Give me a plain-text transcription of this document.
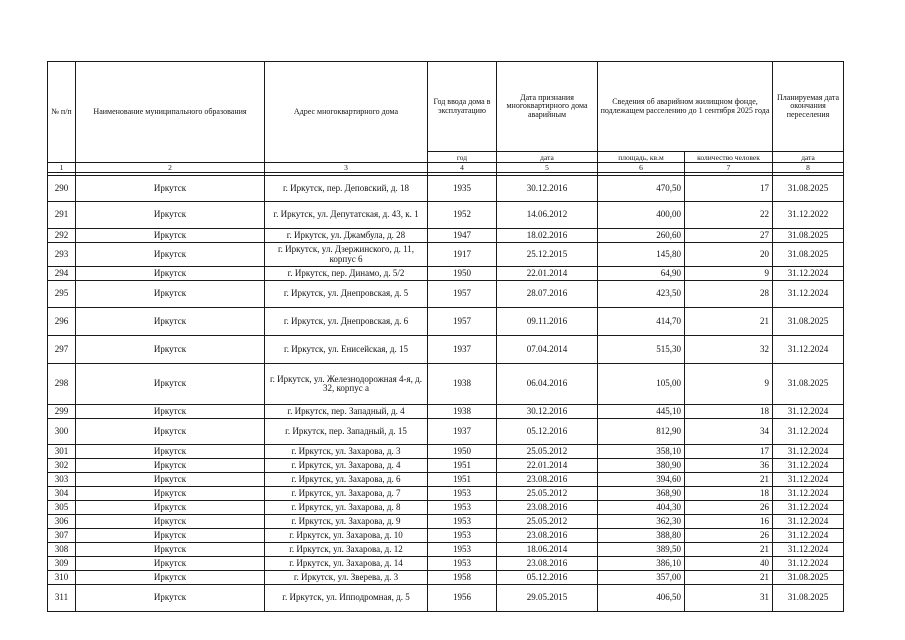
№ п/п	Наименование муниципального образования	Адрес многоквартирного дома	Год ввода дома в эксплуатацию	Дата признания многоквартирного дома аварийным	Сведения об аварийном жилищном фонде, подлежащем расселению до 1 сентября 2025 года		Планируемая дата окончания переселения
			год	дата	площадь, кв.м	количество человек	дата
1	2	3	4	5	6	7	8

290	Иркутск	г. Иркутск, пер. Деповский, д. 18	1935	30.12.2016	470,50	17	31.08.2025
291	Иркутск	г. Иркутск, ул. Депутатская, д. 43, к. 1	1952	14.06.2012	400,00	22	31.12.2022
292	Иркутск	г. Иркутск, ул. Джамбула, д. 28	1947	18.02.2016	260,60	27	31.08.2025
293	Иркутск	г. Иркутск, ул. Дзержинского, д. 11, корпус 6	1917	25.12.2015	145,80	20	31.08.2025
294	Иркутск	г. Иркутск, пер. Динамо, д. 5/2	1950	22.01.2014	64,90	9	31.12.2024
295	Иркутск	г. Иркутск, ул. Днепровская, д. 5	1957	28.07.2016	423,50	28	31.12.2024
296	Иркутск	г. Иркутск, ул. Днепровская, д. 6	1957	09.11.2016	414,70	21	31.08.2025
297	Иркутск	г. Иркутск, ул. Енисейская, д. 15	1937	07.04.2014	515,30	32	31.12.2024
298	Иркутск	г. Иркутск, ул. Железнодорожная 4-я, д. 32, корпус а	1938	06.04.2016	105,00	9	31.08.2025
299	Иркутск	г. Иркутск, пер. Западный, д. 4	1938	30.12.2016	445,10	18	31.12.2024
300	Иркутск	г. Иркутск, пер. Западный, д. 15	1937	05.12.2016	812,90	34	31.12.2024
301	Иркутск	г. Иркутск, ул. Захарова, д. 3	1950	25.05.2012	358,10	17	31.12.2024
302	Иркутск	г. Иркутск, ул. Захарова, д. 4	1951	22.01.2014	380,90	36	31.12.2024
303	Иркутск	г. Иркутск, ул. Захарова, д. 6	1951	23.08.2016	394,60	21	31.12.2024
304	Иркутск	г. Иркутск, ул. Захарова, д. 7	1953	25.05.2012	368,90	18	31.12.2024
305	Иркутск	г. Иркутск, ул. Захарова, д. 8	1953	23.08.2016	404,30	26	31.12.2024
306	Иркутск	г. Иркутск, ул. Захарова, д. 9	1953	25.05.2012	362,30	16	31.12.2024
307	Иркутск	г. Иркутск, ул. Захарова, д. 10	1953	23.08.2016	388,80	26	31.12.2024
308	Иркутск	г. Иркутск, ул. Захарова, д. 12	1953	18.06.2014	389,50	21	31.12.2024
309	Иркутск	г. Иркутск, ул. Захарова, д. 14	1953	23.08.2016	386,10	40	31.12.2024
310	Иркутск	г. Иркутск, ул. Зверева, д. 3	1958	05.12.2016	357,00	21	31.08.2025
311	Иркутск	г. Иркутск, ул. Ипподромная, д. 5	1956	29.05.2015	406,50	31	31.08.2025
